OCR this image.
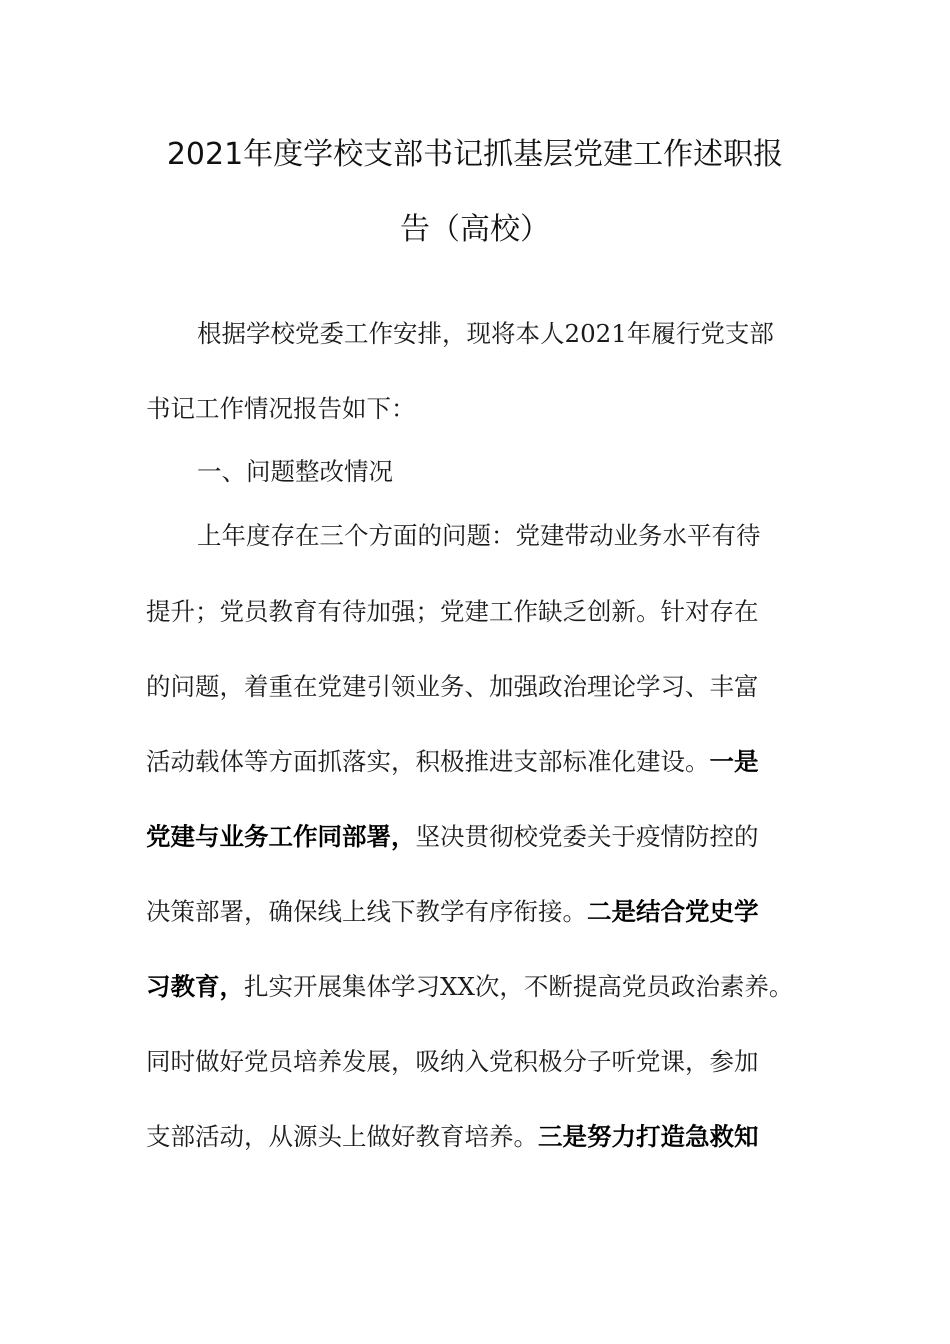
2021年度学校支部书记抓基层党建工作述职报
告（高校）
根据学校党委工作安排，现将本人2021年履行党支部
书记工作情况报告如下：
一、问题整改情况
上年度存在三个方面的问题：党建带动业务水平有待
提升；党员教育有待加强；党建工作缺乏创新。针对存在
的问题，着重在党建引领业务、加强政治理论学习、丰富
活动载体等方面抓落实，积极推进支部标准化建设。一是
党建与业务工作同部署，坚决贯彻校党委关于疫情防控的
决策部署，确保线上线下教学有序衔接。二是结合党史学
习教育，扎实开展集体学习XX次，不断提高党员政治素养。
同时做好党员培养发展，吸纳入党积极分子听党课，参加
支部活动，从源头上做好教育培养。三是努力打造急救知
